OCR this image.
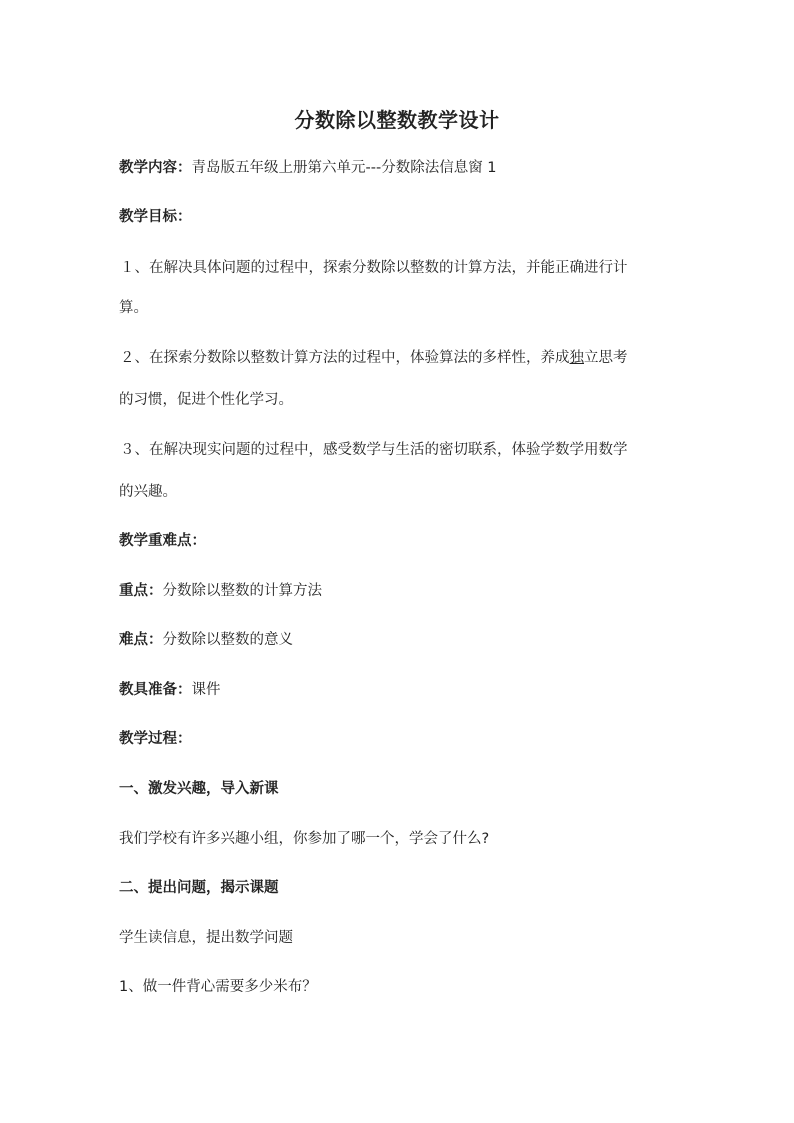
分数除以整数教学设计

教学内容：青岛版五年级上册第六单元---分数除法信息窗 1

教学目标：

１、在解决具体问题的过程中，探索分数除以整数的计算方法，并能正确进行计

算。

２、在探索分数除以整数计算方法的过程中，体验算法的多样性，养成独立思考

的习惯，促进个性化学习。

３、在解决现实问题的过程中，感受数学与生活的密切联系，体验学数学用数学

的兴趣。

教学重难点：

重点：分数除以整数的计算方法

难点：分数除以整数的意义

教具准备：课件

教学过程：

一、激发兴趣，导入新课

我们学校有许多兴趣小组，你参加了哪一个，学会了什么?

二、提出问题，揭示课题

学生读信息，提出数学问题

1、做一件背心需要多少米布？
